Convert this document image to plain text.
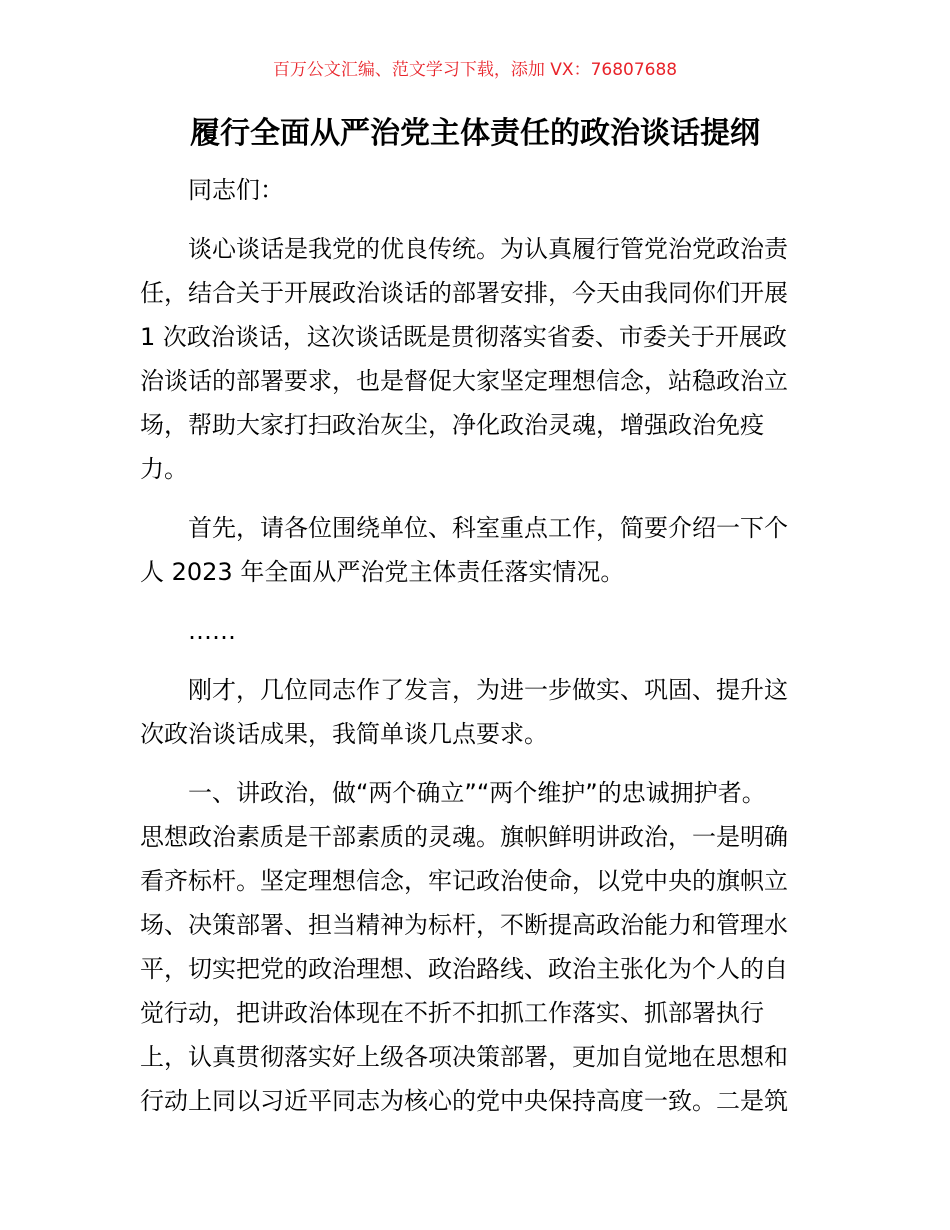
百万公文汇编、范文学习下载，添加 VX：76807688
履行全面从严治党主体责任的政治谈话提纲

同志们：

谈心谈话是我党的优良传统。为认真履行管党治党政治责
任，结合关于开展政治谈话的部署安排，今天由我同你们开展
1 次政治谈话，这次谈话既是贯彻落实省委、市委关于开展政
治谈话的部署要求，也是督促大家坚定理想信念，站稳政治立
场，帮助大家打扫政治灰尘，净化政治灵魂，增强政治免疫
力。

首先，请各位围绕单位、科室重点工作，简要介绍一下个
人 2023 年全面从严治党主体责任落实情况。

……

刚才，几位同志作了发言，为进一步做实、巩固、提升这
次政治谈话成果，我简单谈几点要求。

一、讲政治，做“两个确立”“两个维护”的忠诚拥护者。
思想政治素质是干部素质的灵魂。旗帜鲜明讲政治，一是明确
看齐标杆。坚定理想信念，牢记政治使命，以党中央的旗帜立
场、决策部署、担当精神为标杆，不断提高政治能力和管理水
平，切实把党的政治理想、政治路线、政治主张化为个人的自
觉行动，把讲政治体现在不折不扣抓工作落实、抓部署执行
上，认真贯彻落实好上级各项决策部署，更加自觉地在思想和
行动上同以习近平同志为核心的党中央保持高度一致。二是筑
